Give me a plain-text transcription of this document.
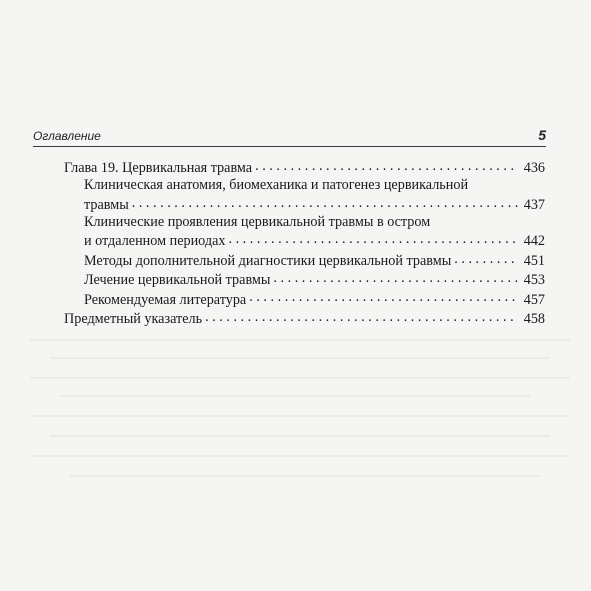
Оглавление	5
Глава 19. Цервикальная травма . . .	436
Клиническая анатомия, биомеханика и патогенез цервикальной
травмы . . .	437
Клинические проявления цервикальной травмы в остром
и отдаленном периодах . . .	442
Методы дополнительной диагностики цервикальной травмы . . .	451
Лечение цервикальной травмы . . .	453
Рекомендуемая литература . . .	457
Предметный указатель . . .	458
